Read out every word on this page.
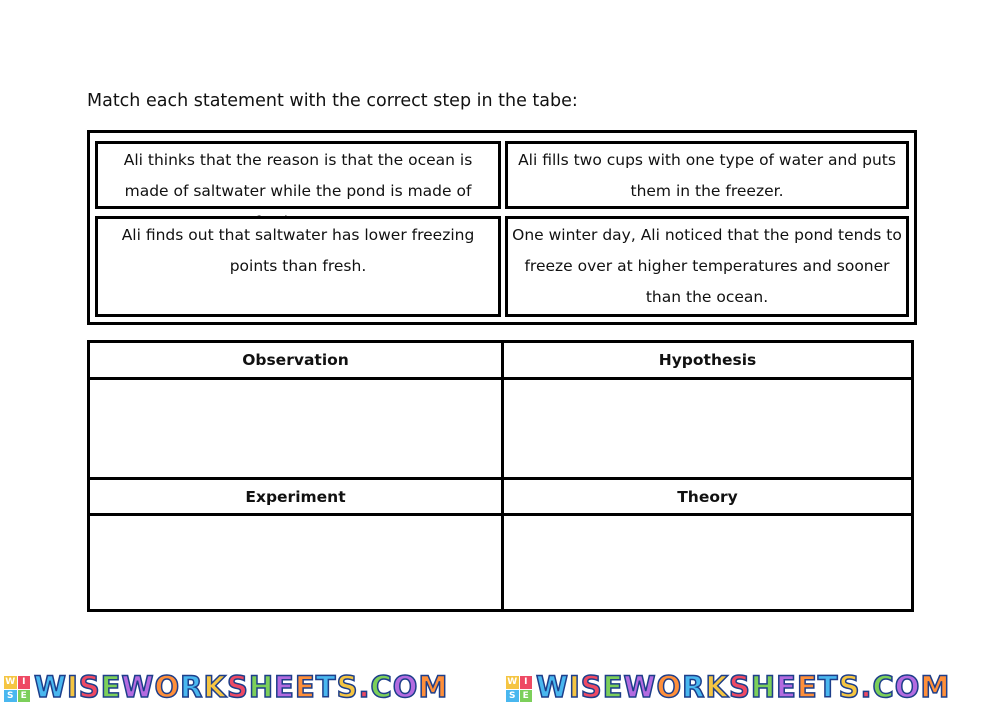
Match each statement with the correct step in the tabe:
Ali thinks that the reason is that the ocean is made of saltwater while the pond is made of
Ali fills two cups with one type of water and puts them in the freezer.
Ali finds out that saltwater has lower freezing points than fresh.
One winter day, Ali noticed that the pond tends to freeze over at higher temperatures and sooner than the ocean.
Observation	Hypothesis
Experiment	Theory
W I
S E WISEWORKSHEETS.COM	W I
S E WISEWORKSHEETS.COM
